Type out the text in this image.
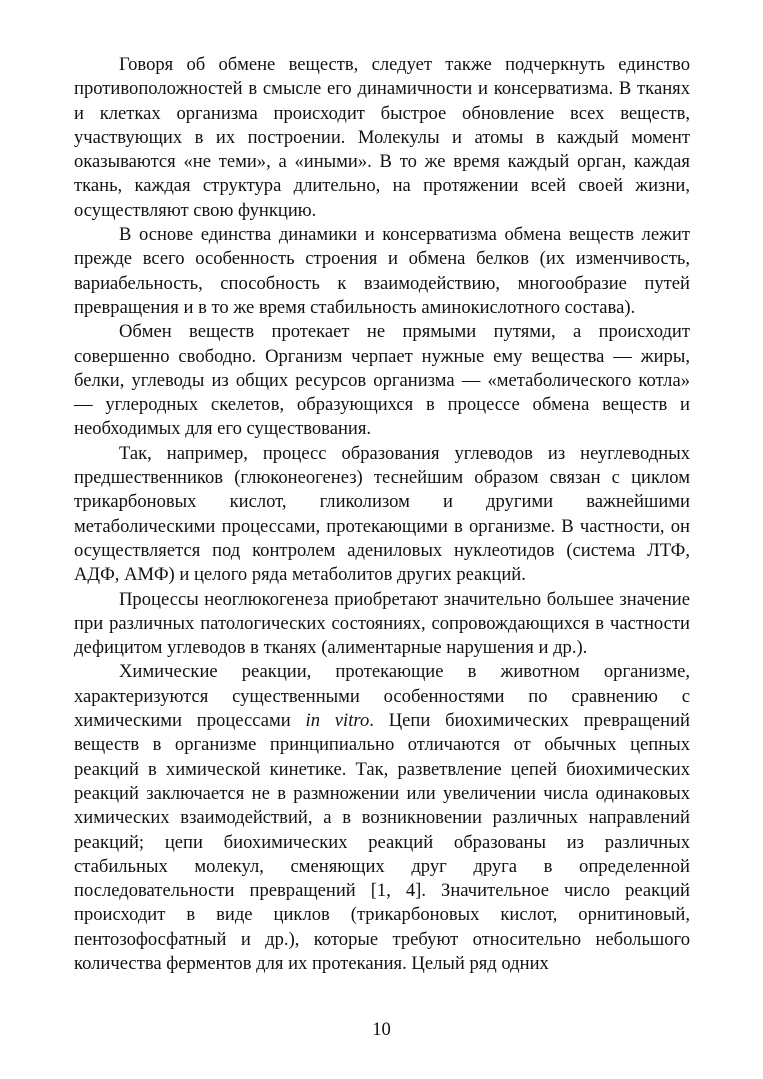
Говоря об обмене веществ, следует также подчеркнуть единство противоположностей в смысле его динамичности и консерватизма. В тканях и клетках организма происходит быстрое обновление всех веществ, участвующих в их построении. Молекулы и атомы в каждый момент оказываются «не теми», а «иными». В то же время каждый орган, каждая ткань, каждая структура длительно, на протяжении всей своей жизни, осуществляют свою функцию.

В основе единства динамики и консерватизма обмена веществ лежит прежде всего особенность строения и обмена белков (их изменчивость, вариабельность, способность к взаимодействию, многообразие путей превращения и в то же время стабильность аминокислотного состава).

Обмен веществ протекает не прямыми путями, а происходит совершенно свободно. Организм черпает нужные ему вещества — жиры, белки, углеводы из общих ресурсов организма — «метаболического котла» — углеродных скелетов, образующихся в процессе обмена веществ и необходимых для его существования.

Так, например, процесс образования углеводов из неуглеводных предшественников (глюконеогенез) теснейшим образом связан с циклом трикарбоновых кислот, гликолизом и другими важнейшими метаболическими процессами, протекающими в организме. В частности, он осуществляется под контролем адениловых нуклеотидов (система ЛТФ, АДФ, АМФ) и целого ряда метаболитов других реакций.

Процессы неоглюкогенеза приобретают значительно большее значение при различных патологических состояниях, сопровождающихся в частности дефицитом углеводов в тканях (алиментарные нарушения и др.).

Химические реакции, протекающие в животном организме, характеризуются существенными особенностями по сравнению с химическими процессами in vitro. Цепи биохимических превращений веществ в организме принципиально отличаются от обычных цепных реакций в химической кинетике. Так, разветвление цепей биохимических реакций заключается не в размножении или увеличении числа одинаковых химических взаимодействий, а в возникновении различных направлений реакций; цепи биохимических реакций образованы из различных стабильных молекул, сменяющих друг друга в определенной последовательности превращений [1, 4]. Значительное число реакций происходит в виде циклов (трикарбоновых кислот, орнитиновый, пентозофосфатный и др.), которые требуют относительно небольшого количества ферментов для их протекания. Целый ряд одних

10
